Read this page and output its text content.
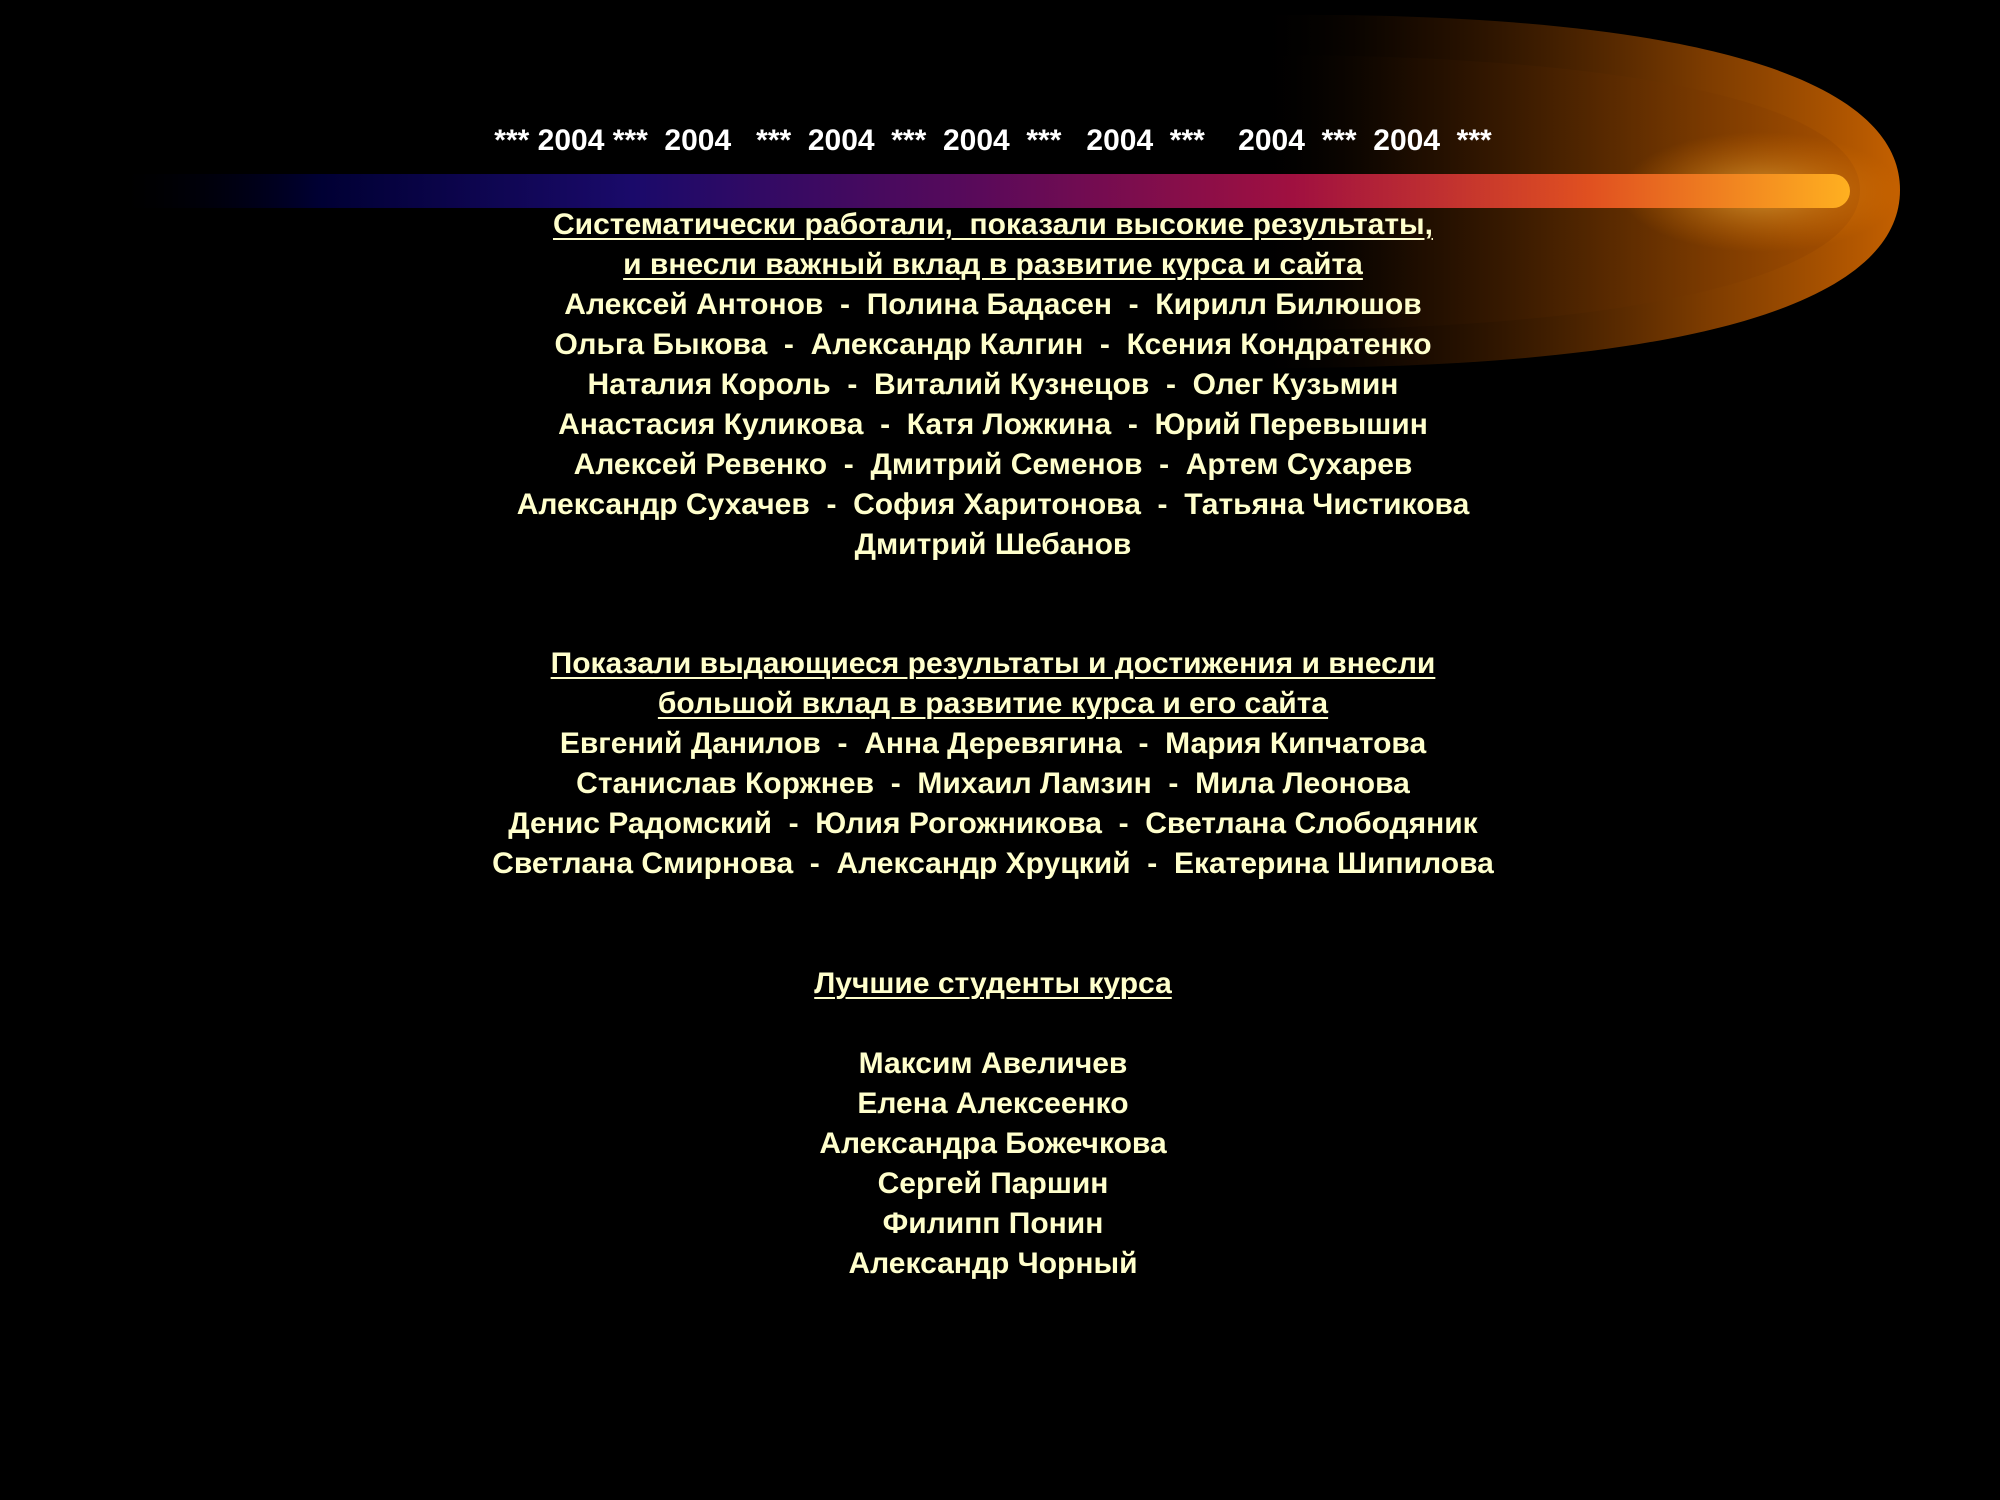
*** 2004 ***  2004   ***  2004  ***  2004  ***   2004  ***    2004  ***  2004  ***
Систематически работали,  показали высокие результаты,
и внесли важный вклад в развитие курса и сайта
Алексей Антонов  -  Полина Бадасен  -  Кирилл Билюшов
Ольга Быкова  -  Александр Калгин  -  Ксения Кондратенко
Наталия Король  -  Виталий Кузнецов  -  Олег Кузьмин
Анастасия Куликова  -  Катя Ложкина  -  Юрий Перевышин
Алексей Ревенко  -  Дмитрий Семенов  -  Артем Сухарев
Александр Сухачев  -  София Харитонова  -  Татьяна Чистикова
Дмитрий Шебанов
Показали выдающиеся результаты и достижения и внесли
большой вклад в развитие курса и его сайта
Евгений Данилов  -  Анна Деревягина  -  Мария Кипчатова
Станислав Коржнев  -  Михаил Ламзин  -  Мила Леонова
Денис Радомский  -  Юлия Рогожникова  -  Светлана Слободяник
Светлана Смирнова  -  Александр Хруцкий  -  Екатерина Шипилова
Лучшие студенты курса
Максим Авеличев
Елена Алексеенко
Александра Божечкова
Сергей Паршин
Филипп Понин
Александр Чорный
